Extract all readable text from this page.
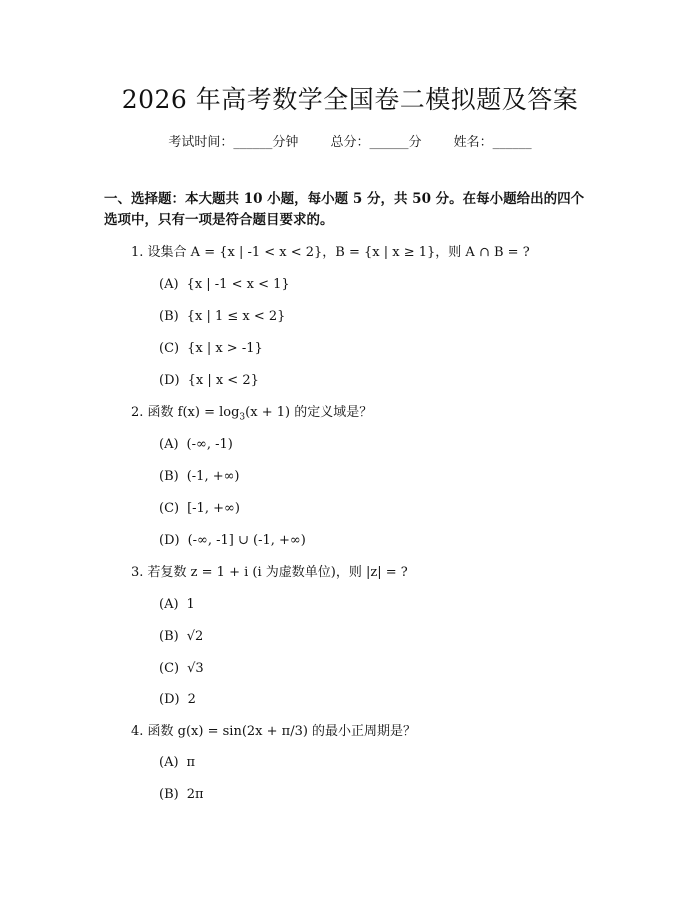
2026 年高考数学全国卷二模拟题及答案
考试时间：______分钟 总分：______分 姓名：______
一、选择题：本大题共 10 小题，每小题 5 分，共 50 分。在每小题给出的四个选项中，只有一项是符合题目要求的。
1. 设集合 A = {x | -1 < x < 2}，B = {x | x ≥ 1}，则 A ∩ B = ?
(A) {x | -1 < x < 1}
(B) {x | 1 ≤ x < 2}
(C) {x | x > -1}
(D) {x | x < 2}
2. 函数 $f(x) = \log_3(x + 1)$ 的定义域是？
(A) (-∞, -1)
(B) (-1, +∞)
(C) [-1, +∞)
(D) (-∞, -1] ∪ (-1, +∞)
3. 若复数 z = 1 + i (i 为虚数单位)，则 |z| = ?
(A) 1
(B) √2
(C) √3
(D) 2
4. 函数 g(x) = sin(2x + π/3) 的最小正周期是？
(A) π
(B) 2π
